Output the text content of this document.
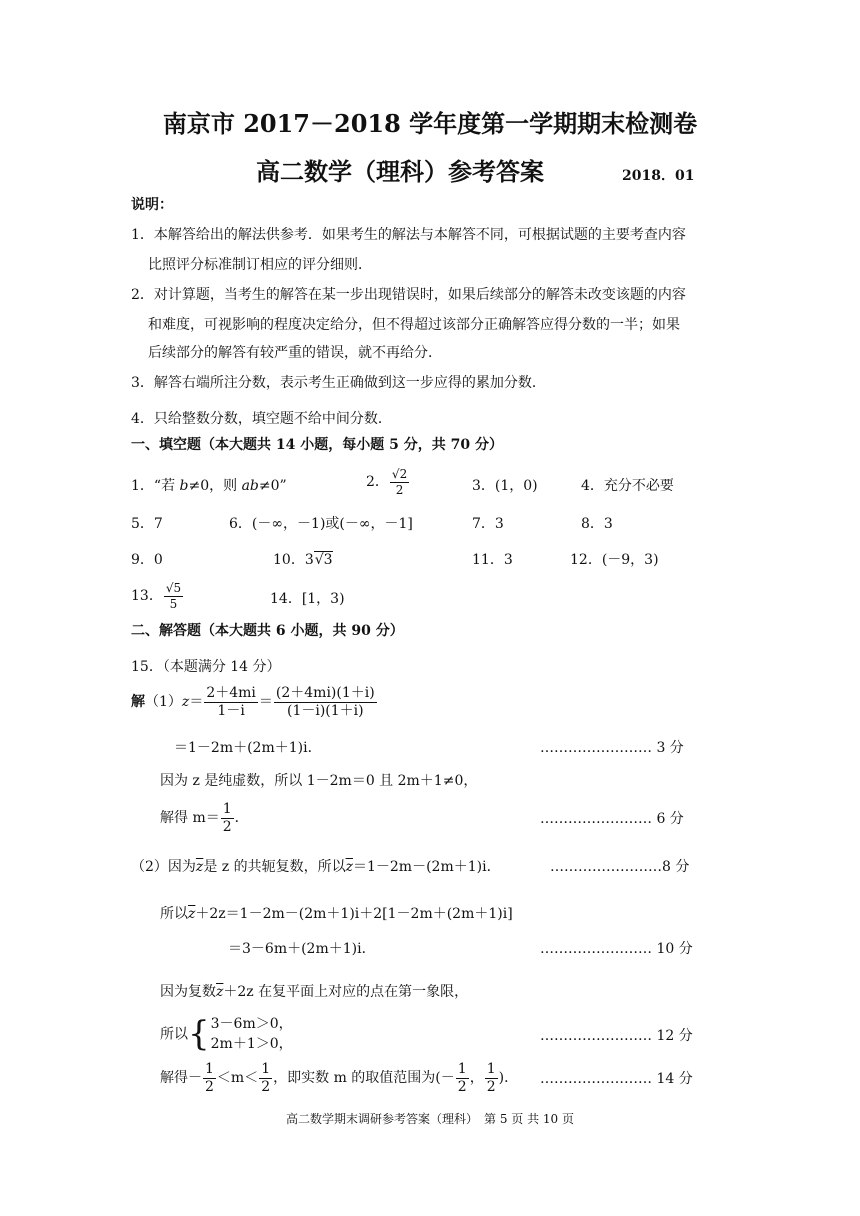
南京市 2017－2018 学年度第一学期期末检测卷
高二数学（理科）参考答案	2018．01
说明：
1．本解答给出的解法供参考．如果考生的解法与本解答不同，可根据试题的主要考查内容
比照评分标准制订相应的评分细则．
2．对计算题，当考生的解答在某一步出现错误时，如果后续部分的解答未改变该题的内容
和难度，可视影响的程度决定给分，但不得超过该部分正确解答应得分数的一半；如果
后续部分的解答有较严重的错误，就不再给分．
3．解答右端所注分数，表示考生正确做到这一步应得的累加分数．
4．只给整数分数，填空题不给中间分数．
一、填空题（本大题共 14 小题，每小题 5 分，共 70 分）
1．“若 b≠0，则 ab≠0”	2． $\frac{√2}{2}$	3．(1，0)	4．充分不必要
5．7	6．(－∞，－1)或(－∞，－1]	7．3	8．3
9．0	10．3√3	11．3	12．(－9，3)
13． $\frac{√5}{5}$	14．[1，3)
二、解答题（本大题共 6 小题，共 90 分）
15．（本题满分 14 分）
解$(1)z= \frac{2+4mi}{1-i} = \frac{(2+4mi)(1+i)}{(1-i)(1+i)}$
＝1－2m＋(2m＋1)i．	…………………… 3 分
因为 z 是纯虚数，所以 1－2m＝0 且 2m＋1≠0，
解得 $m= \frac{1}{2}$ ．	…………………… 6 分
（2）因为$\overline{z}$是 z 的共轭复数，所以$\overline{z}=1-2m-(2m+1)i$．	……………………8 分
所以$\overline{z}+2z=1-2m-(2m+1)i+2[1-2m+(2m+1)i]$
＝3－6m＋(2m＋1)i．	…………………… 10 分
因为复数$\overline{z}+2z$ 在复平面上对应的点在第一象限，
所以{ 3－6m＞0，
2m＋1＞0，
…………………… 12 分
解得－ $\frac{1}{2} <m< \frac{1}{2}$ ，即实数 m 的取值范围为(－ $\frac{1}{2}$ ， $\frac{1}{2}$ )． …………………… 14 分
高二数学期末调研参考答案（理科）　第 5 页 共 10 页
